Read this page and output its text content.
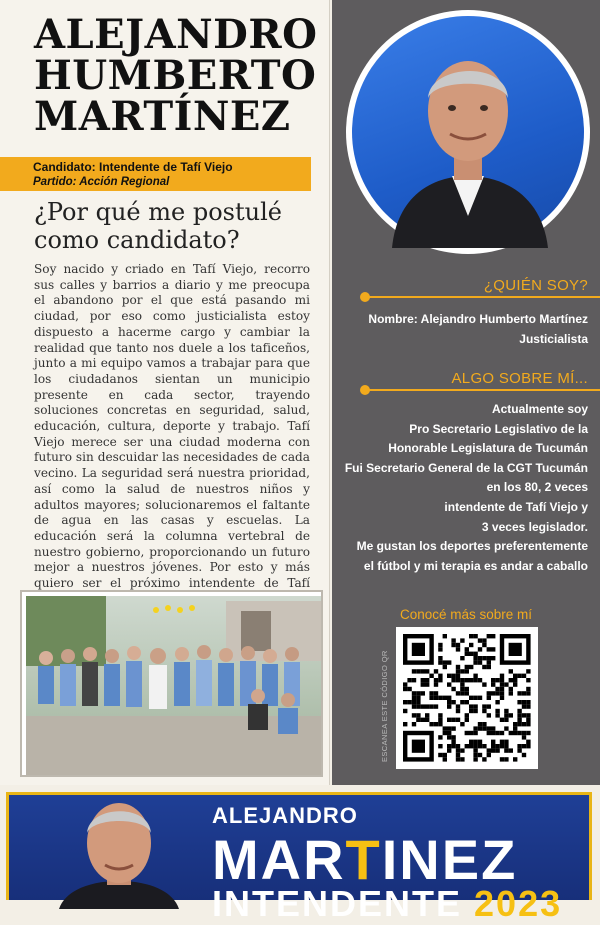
ALEJANDRO
HUMBERTO
MARTÍNEZ
Candidato: Intendente de Tafí Viejo
Partido: Acción Regional
¿Por qué me postulé como candidato?
Soy nacido y criado en Tafí Viejo, recorro sus calles y barrios a diario y me preocupa el abandono por el que está pasando mi ciudad, por eso como justicialista estoy dispuesto a hacerme cargo y cambiar la realidad que tanto nos duele a los taficeños, junto a mi equipo vamos a trabajar para que los ciudadanos sientan un municipio presente en cada sector, trayendo soluciones concretas en seguridad, salud, educación, cultura, deporte y trabajo. Tafí Viejo merece ser una ciudad moderna con futuro sin descuidar las necesidades de cada vecino. La seguridad será nuestra prioridad, así como la salud de nuestros niños y adultos mayores; solucionaremos el faltante de agua en las casas y escuelas. La educación será la columna vertebral de nuestro gobierno, proporcionando un futuro mejor a nuestros jóvenes. Por esto y más quiero ser el próximo intendente de Tafí
¿QUIÉN SOY?
Nombre: Alejandro Humberto Martínez
Justicialista
ALGO SOBRE MÍ...
Actualmente soy
Pro Secretario Legislativo de la
Honorable Legislatura de Tucumán
Fui Secretario General de la CGT Tucumán
en los 80, 2 veces
intendente de Tafí Viejo y
3 veces legislador.
Me gustan los deportes preferentemente
el fútbol y mi terapia es andar a caballo
Conocé más sobre mí
ESCANEA ESTE CÓDIGO QR
ALEJANDRO
MARTINEZ
INTENDENTE 2023
